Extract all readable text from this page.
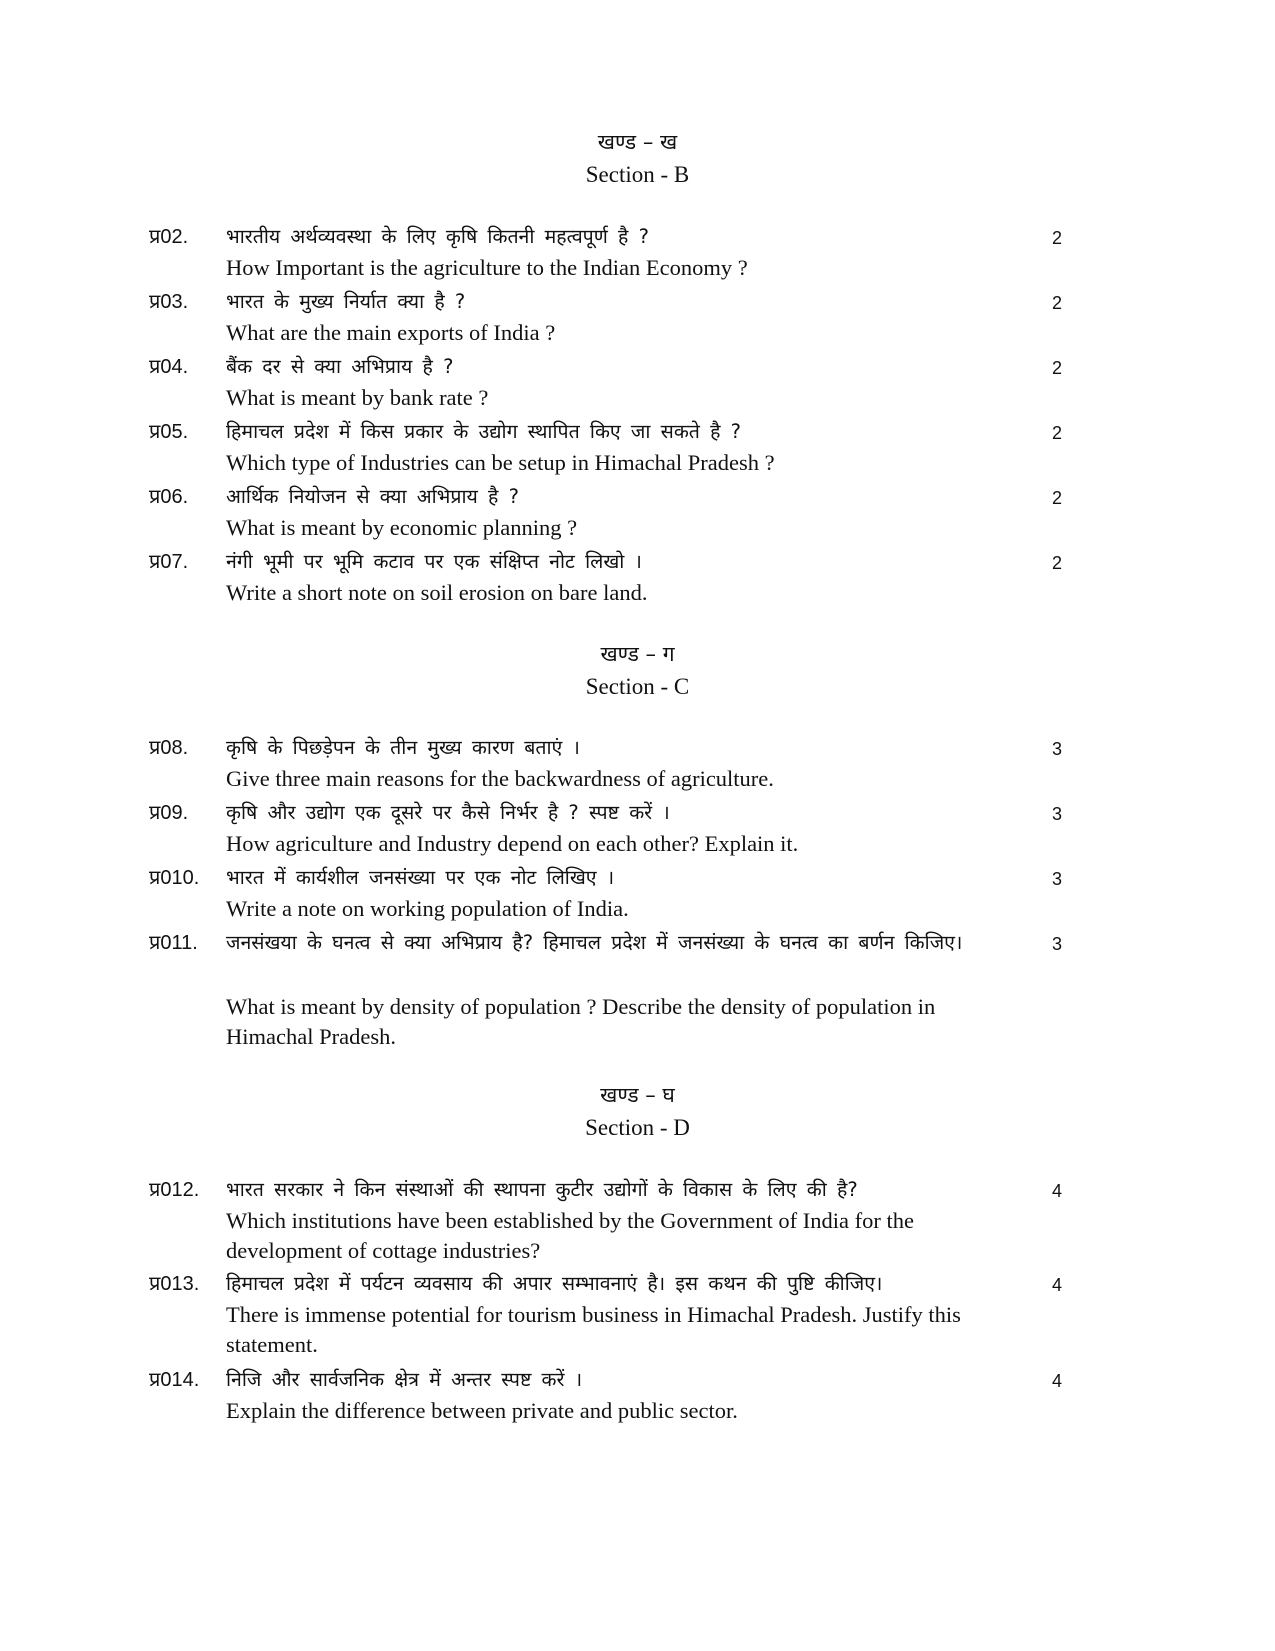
खण्ड – ख
Section - B
प्र02. भारतीय अर्थव्यवस्था के लिए कृषि कितनी महत्वपूर्ण है ?	2
How Important is the agriculture to the Indian Economy ?
प्र03. भारत के मुख्य निर्यात क्या है ?	2
What are the main exports of India ?
प्र04. बैंक दर से क्या अभिप्राय है ?	2
What is meant by bank rate ?
प्र05. हिमाचल प्रदेश में किस प्रकार के उद्योग स्थापित किए जा सकते है ?	2
Which type of Industries can be setup in Himachal Pradesh ?
प्र06. आर्थिक नियोजन से क्या अभिप्राय है ?	2
What is meant by economic planning ?
प्र07. नंगी भूमी पर भूमि कटाव पर एक संक्षिप्त नोट लिखो ।	2
Write a short note on soil erosion on bare land.
खण्ड – ग
Section - C
प्र08. कृषि के पिछड़ेपन के तीन मुख्य कारण बताएं ।	3
Give three main reasons for the backwardness of agriculture.
प्र09. कृषि और उद्योग एक दूसरे पर कैसे निर्भर है ? स्पष्ट करें ।	3
How agriculture and Industry depend on each other? Explain it.
प्र010. भारत में कार्यशील जनसंख्या पर एक नोट लिखिए ।	3
Write a note on working population of India.
प्र011. जनसंखया के घनत्व से क्या अभिप्राय है? हिमाचल प्रदेश में जनसंख्या के घनत्व का बर्णन किजिए।	3
What is meant by density of population ? Describe the density of population in Himachal Pradesh.
खण्ड – घ
Section - D
प्र012. भारत सरकार ने किन संस्थाओं की स्थापना कुटीर उद्योगों के विकास के लिए की है?	4
Which institutions have been established by the Government of India for the development of cottage industries?
प्र013. हिमाचल प्रदेश में पर्यटन व्यवसाय की अपार सम्भावनाएं है। इस कथन की पुष्टि कीजिए।	4
There is immense potential for tourism business in Himachal Pradesh. Justify this statement.
प्र014. निजि और सार्वजनिक क्षेत्र में अन्तर स्पष्ट करें ।	4
Explain the difference between private and public sector.
